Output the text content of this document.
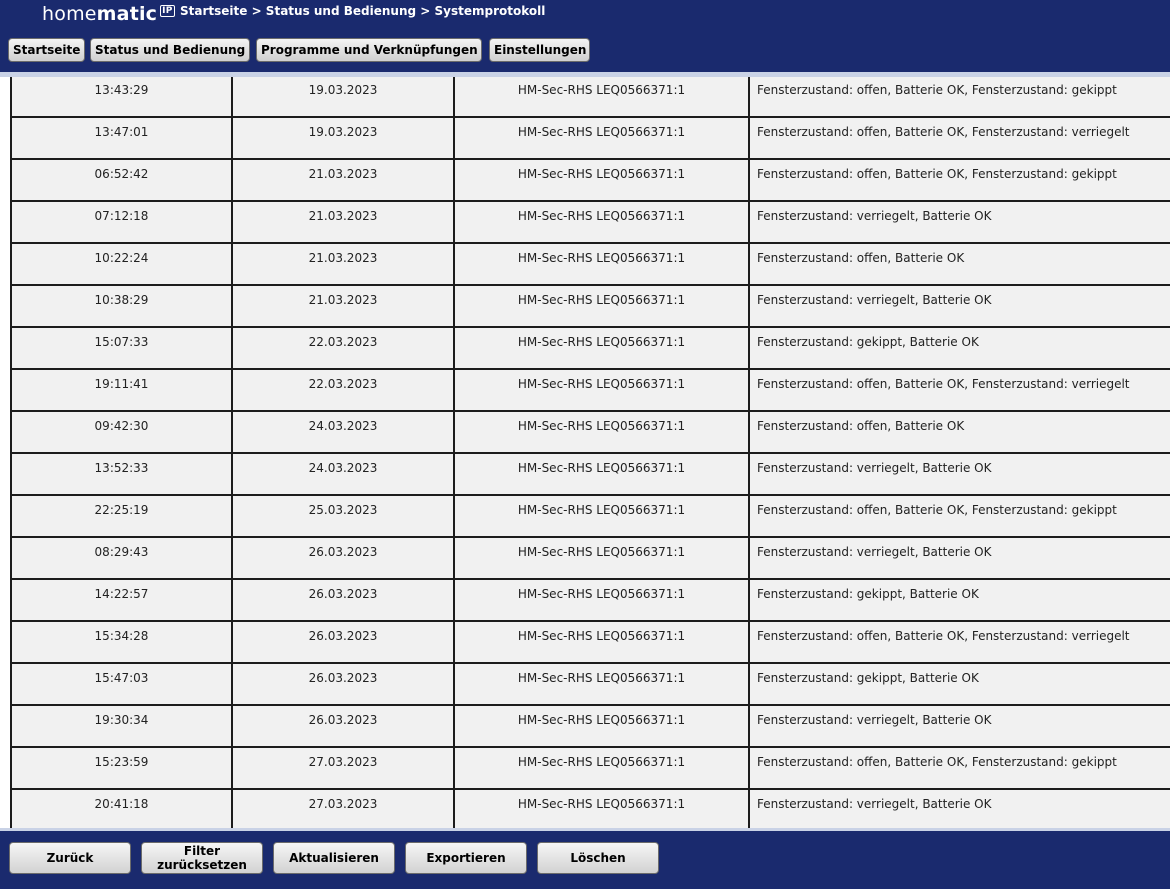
homematic IP Startseite > Status und Bedienung > Systemprotokoll
Startseite	Status und Bedienung	Programme und Verknüpfungen	Einstellungen
13:43:29	19.03.2023	HM-Sec-RHS LEQ0566371:1	Fensterzustand: offen, Batterie OK, Fensterzustand: gekippt
13:47:01	19.03.2023	HM-Sec-RHS LEQ0566371:1	Fensterzustand: offen, Batterie OK, Fensterzustand: verriegelt
06:52:42	21.03.2023	HM-Sec-RHS LEQ0566371:1	Fensterzustand: offen, Batterie OK, Fensterzustand: gekippt
07:12:18	21.03.2023	HM-Sec-RHS LEQ0566371:1	Fensterzustand: verriegelt, Batterie OK
10:22:24	21.03.2023	HM-Sec-RHS LEQ0566371:1	Fensterzustand: offen, Batterie OK
10:38:29	21.03.2023	HM-Sec-RHS LEQ0566371:1	Fensterzustand: verriegelt, Batterie OK
15:07:33	22.03.2023	HM-Sec-RHS LEQ0566371:1	Fensterzustand: gekippt, Batterie OK
19:11:41	22.03.2023	HM-Sec-RHS LEQ0566371:1	Fensterzustand: offen, Batterie OK, Fensterzustand: verriegelt
09:42:30	24.03.2023	HM-Sec-RHS LEQ0566371:1	Fensterzustand: offen, Batterie OK
13:52:33	24.03.2023	HM-Sec-RHS LEQ0566371:1	Fensterzustand: verriegelt, Batterie OK
22:25:19	25.03.2023	HM-Sec-RHS LEQ0566371:1	Fensterzustand: offen, Batterie OK, Fensterzustand: gekippt
08:29:43	26.03.2023	HM-Sec-RHS LEQ0566371:1	Fensterzustand: verriegelt, Batterie OK
14:22:57	26.03.2023	HM-Sec-RHS LEQ0566371:1	Fensterzustand: gekippt, Batterie OK
15:34:28	26.03.2023	HM-Sec-RHS LEQ0566371:1	Fensterzustand: offen, Batterie OK, Fensterzustand: verriegelt
15:47:03	26.03.2023	HM-Sec-RHS LEQ0566371:1	Fensterzustand: gekippt, Batterie OK
19:30:34	26.03.2023	HM-Sec-RHS LEQ0566371:1	Fensterzustand: verriegelt, Batterie OK
15:23:59	27.03.2023	HM-Sec-RHS LEQ0566371:1	Fensterzustand: offen, Batterie OK, Fensterzustand: gekippt
20:41:18	27.03.2023	HM-Sec-RHS LEQ0566371:1	Fensterzustand: verriegelt, Batterie OK
Zurück	Filter
zurücksetzen	Aktualisieren	Exportieren	Löschen
